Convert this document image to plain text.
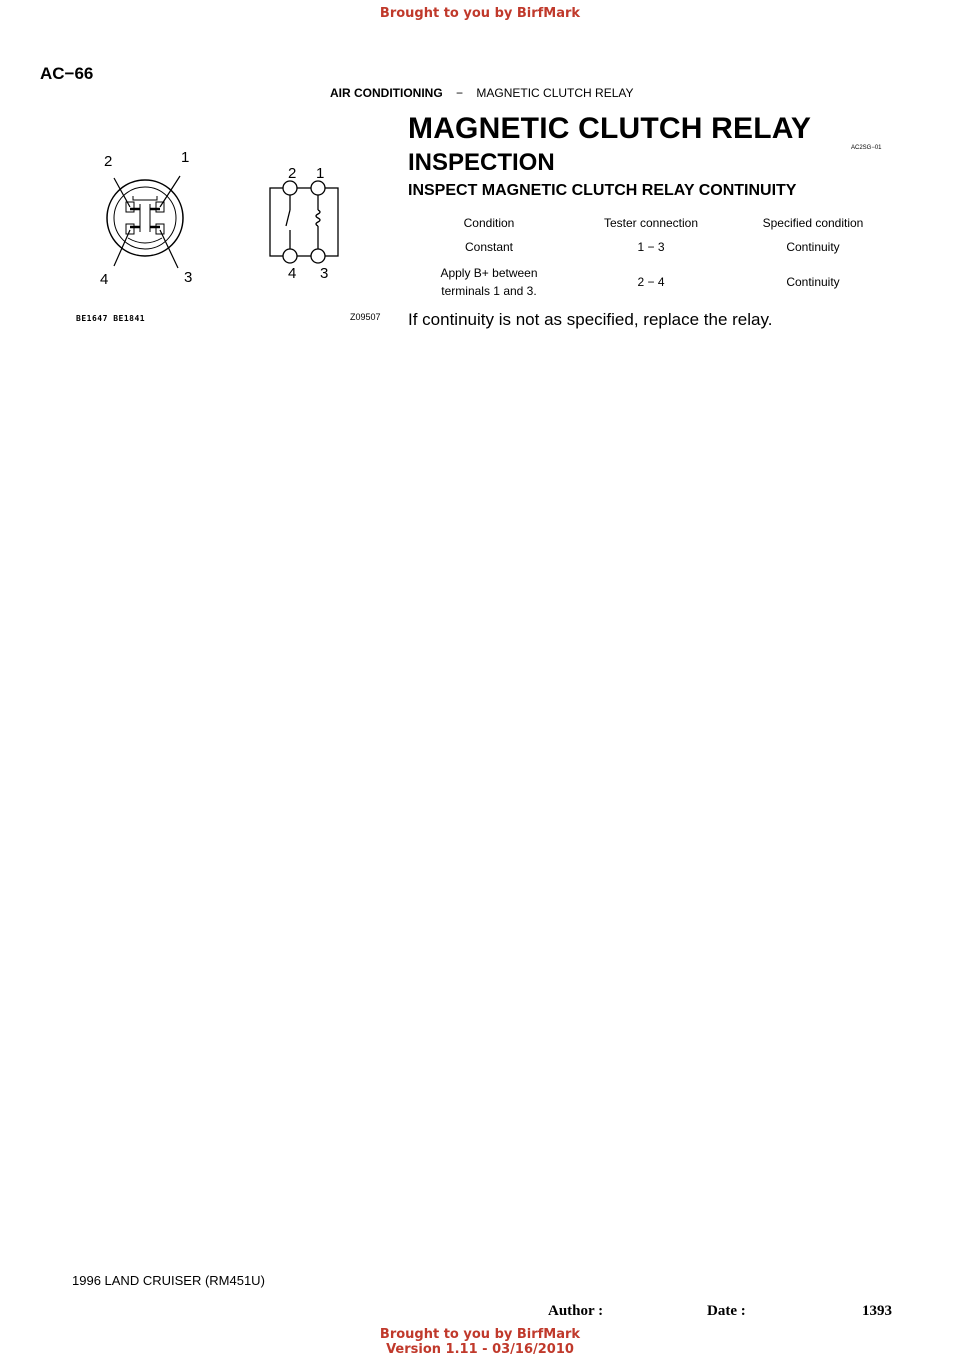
Brought to you by BirfMark
AC−66
AIR CONDITIONING − MAGNETIC CLUTCH RELAY
MAGNETIC CLUTCH RELAY
AC2SG−01
INSPECTION
INSPECT MAGNETIC CLUTCH RELAY CONTINUITY
Condition	Tester connection	Specified condition
Constant	1 − 3	Continuity
Apply B+ between
terminals 1 and 3.	2 − 4	Continuity
If continuity is not as specified, replace the relay.
2	1
4	3
2 1
4 3
BE1647 BE1841	Z09507
1996 LAND CRUISER (RM451U)
Author :	Date :	1393
Brought to you by BirfMark
Version 1.11 - 03/16/2010
